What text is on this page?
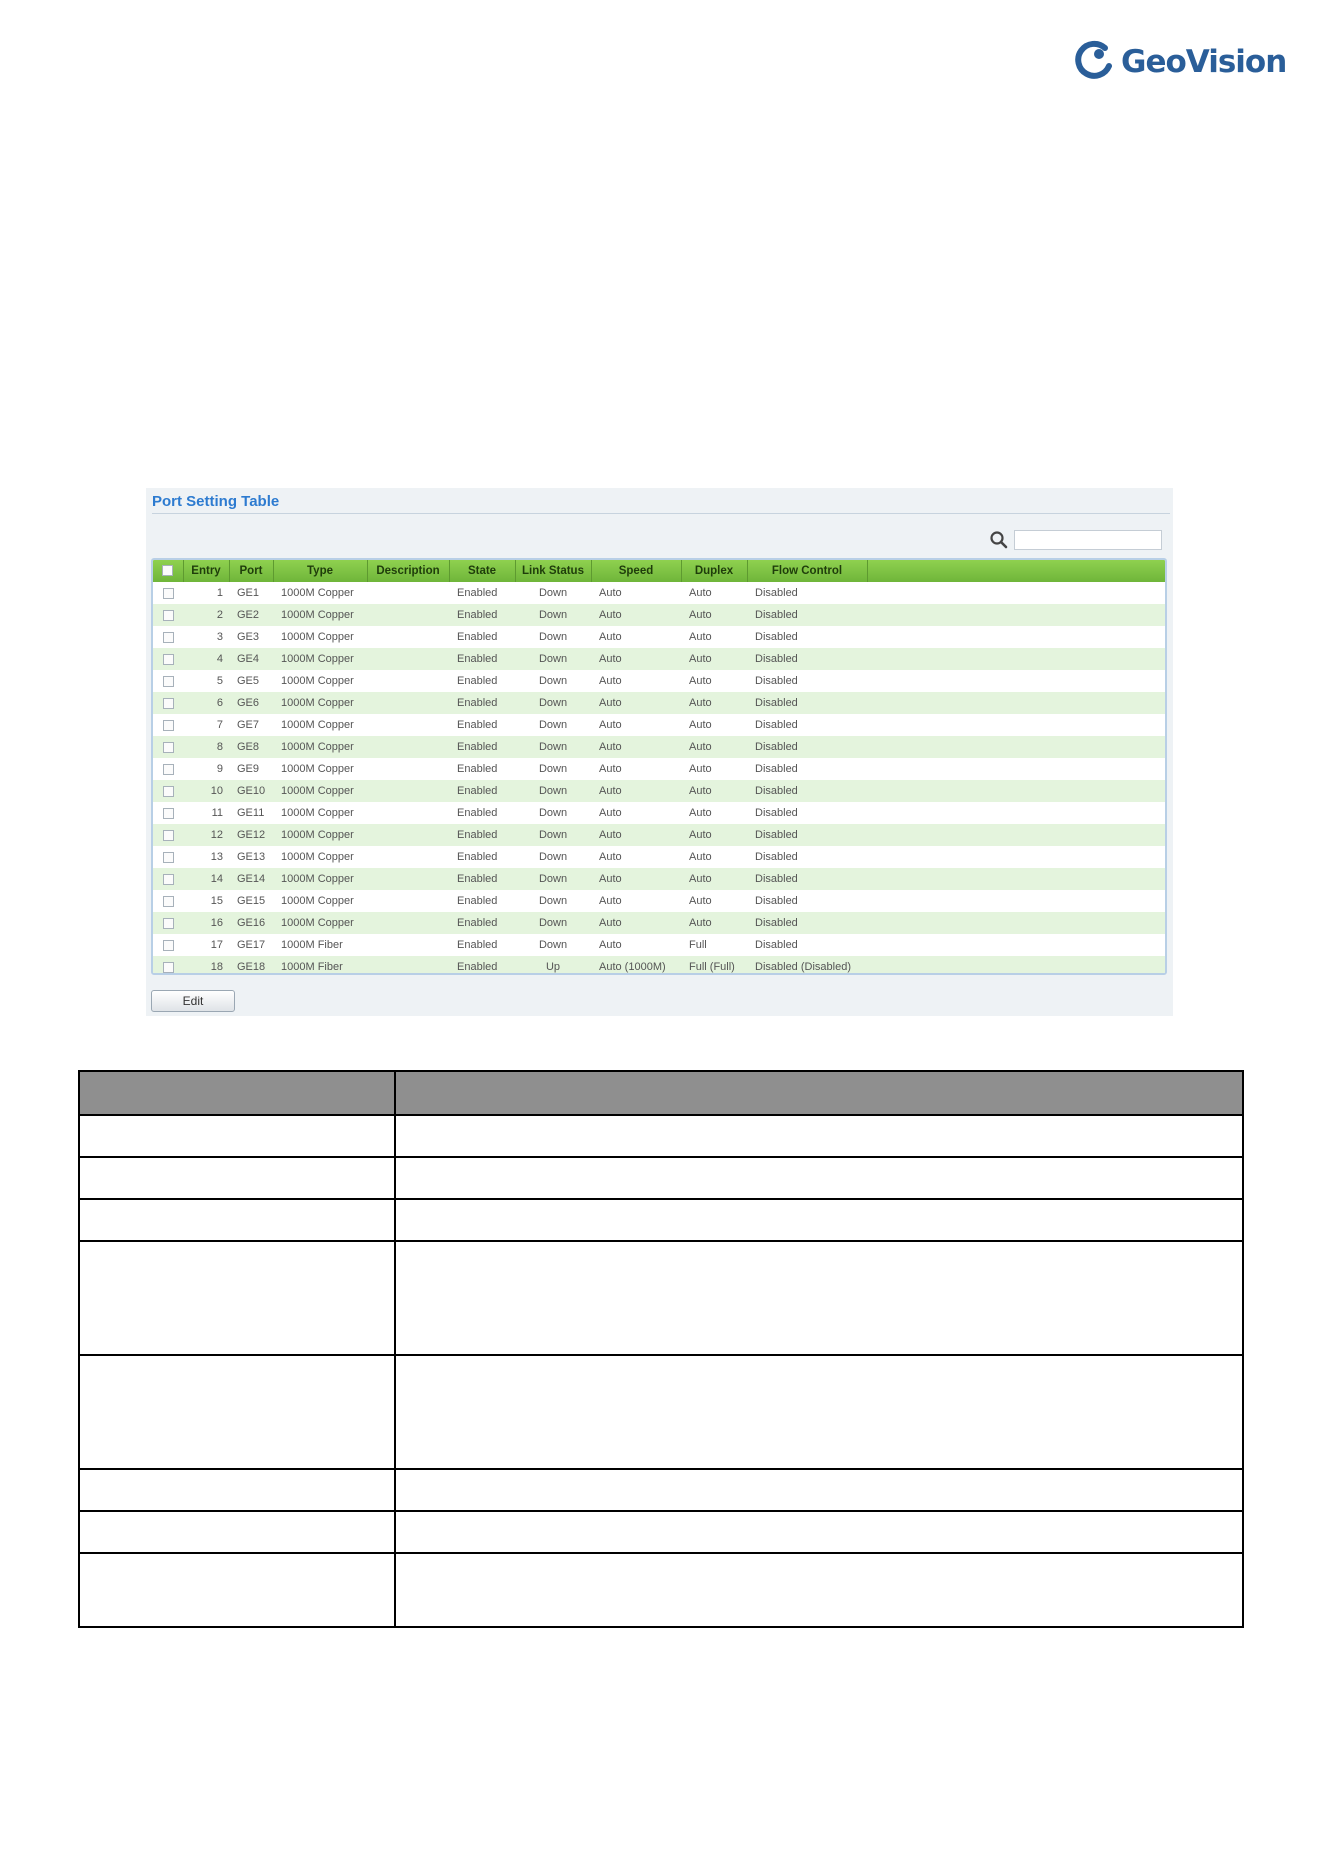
GeoVision
Port Setting Table
	Entry	Port	Type	Description	State	Link Status	Speed	Duplex	Flow Control	
	1	GE1	1000M Copper		Enabled	Down	Auto	Auto	Disabled	
	2	GE2	1000M Copper		Enabled	Down	Auto	Auto	Disabled	
	3	GE3	1000M Copper		Enabled	Down	Auto	Auto	Disabled	
	4	GE4	1000M Copper		Enabled	Down	Auto	Auto	Disabled	
	5	GE5	1000M Copper		Enabled	Down	Auto	Auto	Disabled	
	6	GE6	1000M Copper		Enabled	Down	Auto	Auto	Disabled	
	7	GE7	1000M Copper		Enabled	Down	Auto	Auto	Disabled	
	8	GE8	1000M Copper		Enabled	Down	Auto	Auto	Disabled	
	9	GE9	1000M Copper		Enabled	Down	Auto	Auto	Disabled	
	10	GE10	1000M Copper		Enabled	Down	Auto	Auto	Disabled	
	11	GE11	1000M Copper		Enabled	Down	Auto	Auto	Disabled	
	12	GE12	1000M Copper		Enabled	Down	Auto	Auto	Disabled	
	13	GE13	1000M Copper		Enabled	Down	Auto	Auto	Disabled	
	14	GE14	1000M Copper		Enabled	Down	Auto	Auto	Disabled	
	15	GE15	1000M Copper		Enabled	Down	Auto	Auto	Disabled	
	16	GE16	1000M Copper		Enabled	Down	Auto	Auto	Disabled	
	17	GE17	1000M Fiber		Enabled	Down	Auto	Full	Disabled	
	18	GE18	1000M Fiber		Enabled	Up	Auto (1000M)	Full (Full)	Disabled (Disabled)	
Edit
